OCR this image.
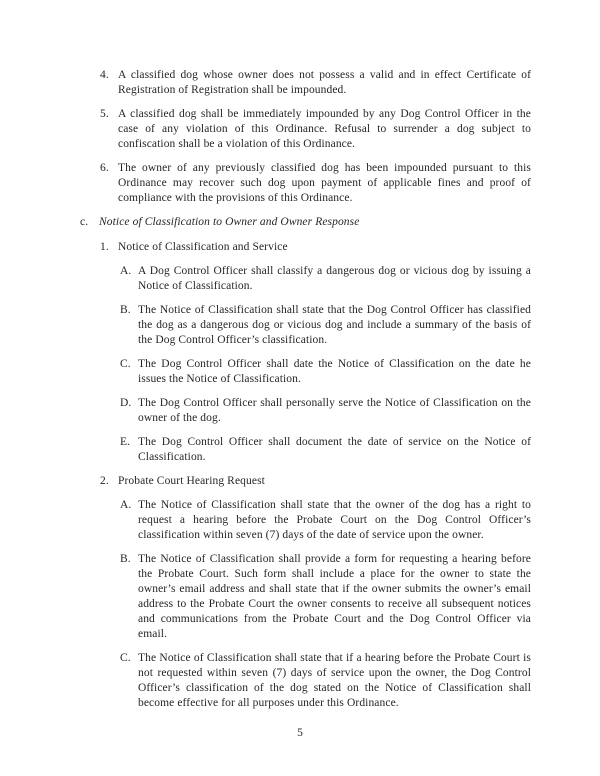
4. A classified dog whose owner does not possess a valid and in effect Certificate of Registration of Registration shall be impounded.
5. A classified dog shall be immediately impounded by any Dog Control Officer in the case of any violation of this Ordinance. Refusal to surrender a dog subject to confiscation shall be a violation of this Ordinance.
6. The owner of any previously classified dog has been impounded pursuant to this Ordinance may recover such dog upon payment of applicable fines and proof of compliance with the provisions of this Ordinance.
c. Notice of Classification to Owner and Owner Response
1. Notice of Classification and Service
A. A Dog Control Officer shall classify a dangerous dog or vicious dog by issuing a Notice of Classification.
B. The Notice of Classification shall state that the Dog Control Officer has classified the dog as a dangerous dog or vicious dog and include a summary of the basis of the Dog Control Officer’s classification.
C. The Dog Control Officer shall date the Notice of Classification on the date he issues the Notice of Classification.
D. The Dog Control Officer shall personally serve the Notice of Classification on the owner of the dog.
E. The Dog Control Officer shall document the date of service on the Notice of Classification.
2. Probate Court Hearing Request
A. The Notice of Classification shall state that the owner of the dog has a right to request a hearing before the Probate Court on the Dog Control Officer’s classification within seven (7) days of the date of service upon the owner.
B. The Notice of Classification shall provide a form for requesting a hearing before the Probate Court. Such form shall include a place for the owner to state the owner’s email address and shall state that if the owner submits the owner’s email address to the Probate Court the owner consents to receive all subsequent notices and communications from the Probate Court and the Dog Control Officer via email.
C. The Notice of Classification shall state that if a hearing before the Probate Court is not requested within seven (7) days of service upon the owner, the Dog Control Officer’s classification of the dog stated on the Notice of Classification shall become effective for all purposes under this Ordinance.
5
